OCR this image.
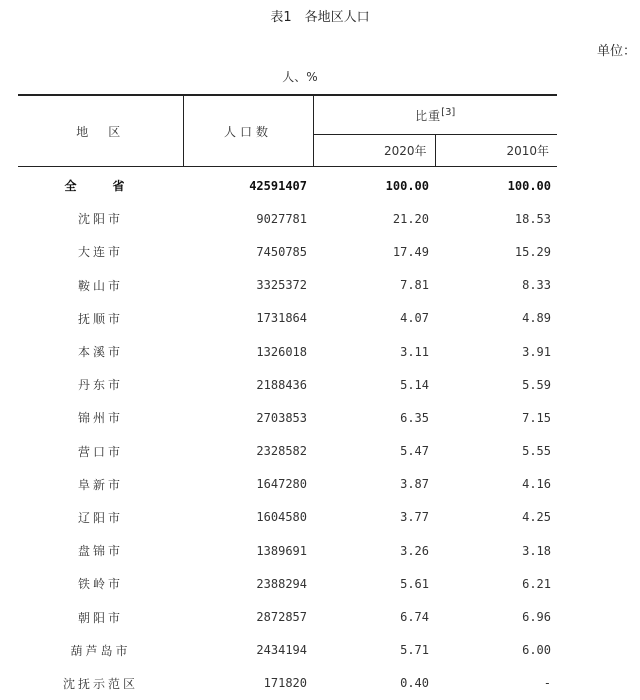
表1　各地区人口
单位：
人、%
地　区	人口数	比重[3]
		2020年	2010年
全　省	42591407	100.00	100.00
沈阳市	9027781	21.20	18.53
大连市	7450785	17.49	15.29
鞍山市	3325372	7.81	8.33
抚顺市	1731864	4.07	4.89
本溪市	1326018	3.11	3.91
丹东市	2188436	5.14	5.59
锦州市	2703853	6.35	7.15
营口市	2328582	5.47	5.55
阜新市	1647280	3.87	4.16
辽阳市	1604580	3.77	4.25
盘锦市	1389691	3.26	3.18
铁岭市	2388294	5.61	6.21
朝阳市	2872857	6.74	6.96
葫芦岛市	2434194	5.71	6.00
沈抚示范区	171820	0.40	-
